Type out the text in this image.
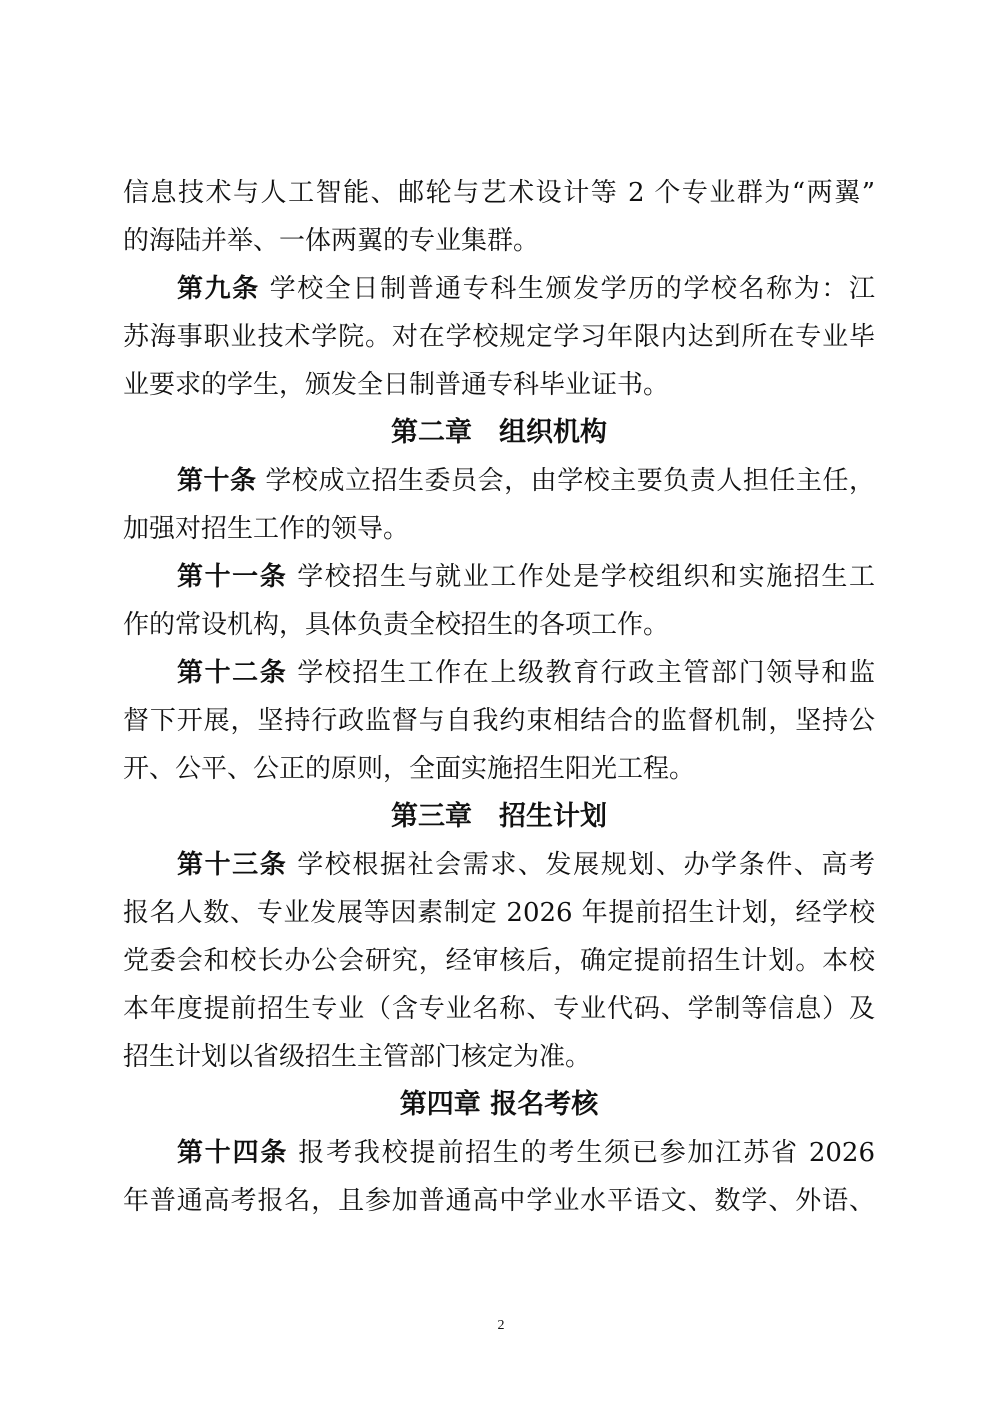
信息技术与人工智能、邮轮与艺术设计等 2 个专业群为“两翼”
的海陆并举、一体两翼的专业集群。
第九条 学校全日制普通专科生颁发学历的学校名称为：江
苏海事职业技术学院。对在学校规定学习年限内达到所在专业毕
业要求的学生，颁发全日制普通专科毕业证书。
第二章　组织机构
第十条 学校成立招生委员会，由学校主要负责人担任主任，
加强对招生工作的领导。
第十一条 学校招生与就业工作处是学校组织和实施招生工
作的常设机构，具体负责全校招生的各项工作。
第十二条 学校招生工作在上级教育行政主管部门领导和监
督下开展，坚持行政监督与自我约束相结合的监督机制，坚持公
开、公平、公正的原则，全面实施招生阳光工程。
第三章　招生计划
第十三条 学校根据社会需求、发展规划、办学条件、高考
报名人数、专业发展等因素制定 2026 年提前招生计划，经学校
党委会和校长办公会研究，经审核后，确定提前招生计划。本校
本年度提前招生专业（含专业名称、专业代码、学制等信息）及
招生计划以省级招生主管部门核定为准。
第四章 报名考核
第十四条 报考我校提前招生的考生须已参加江苏省 2026
年普通高考报名，且参加普通高中学业水平语文、数学、外语、
2
